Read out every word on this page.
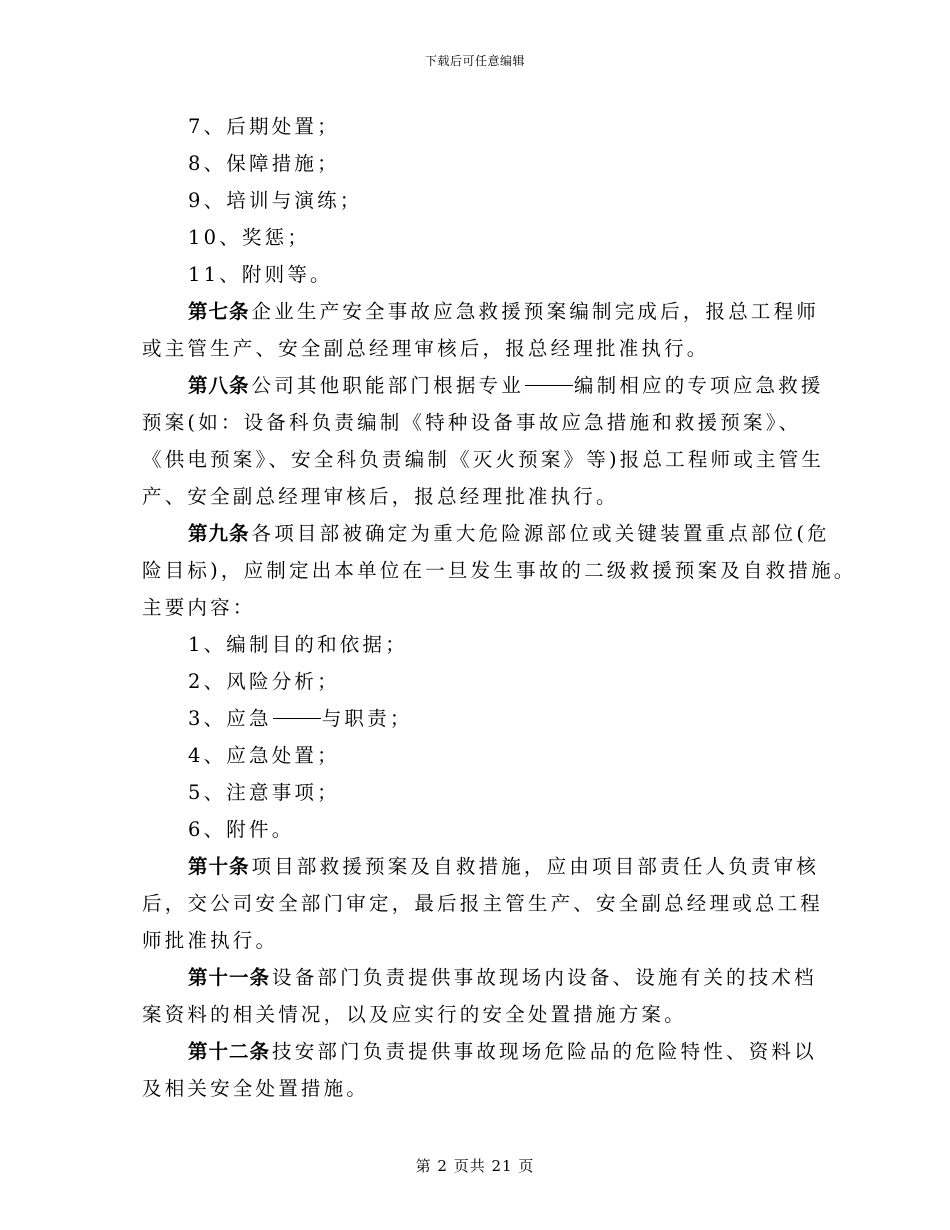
下载后可任意编辑
7、后期处置；
8、保障措施；
9、培训与演练；
10、奖惩；
11、附则等。
第七条 企业生产安全事故应急救援预案编制完成后，报总工程师
或主管生产、安全副总经理审核后，报总经理批准执行。
第八条 公司其他职能部门根据专业	编制相应的专项应急救援
预案(如：设备科负责编制《特种设备事故应急措施和救援预案》、
《供电预案》、安全科负责编制《灭火预案》等)报总工程师或主管生
产、安全副总经理审核后，报总经理批准执行。
第九条 各项目部被确定为重大危险源部位或关键装置重点部位(危
险目标)，应制定出本单位在一旦发生事故的二级救援预案及自救措施。
主要内容：
1、编制目的和依据；
2、风险分析；
3、应急	与职责；
4、应急处置；
5、注意事项；
6、附件。
第十条 项目部救援预案及自救措施，应由项目部责任人负责审核
后，交公司安全部门审定，最后报主管生产、安全副总经理或总工程
师批准执行。
第十一条 设备部门负责提供事故现场内设备、设施有关的技术档
案资料的相关情况，以及应实行的安全处置措施方案。
第十二条 技安部门负责提供事故现场危险品的危险特性、资料以
及相关安全处置措施。
第 2 页共 21 页
